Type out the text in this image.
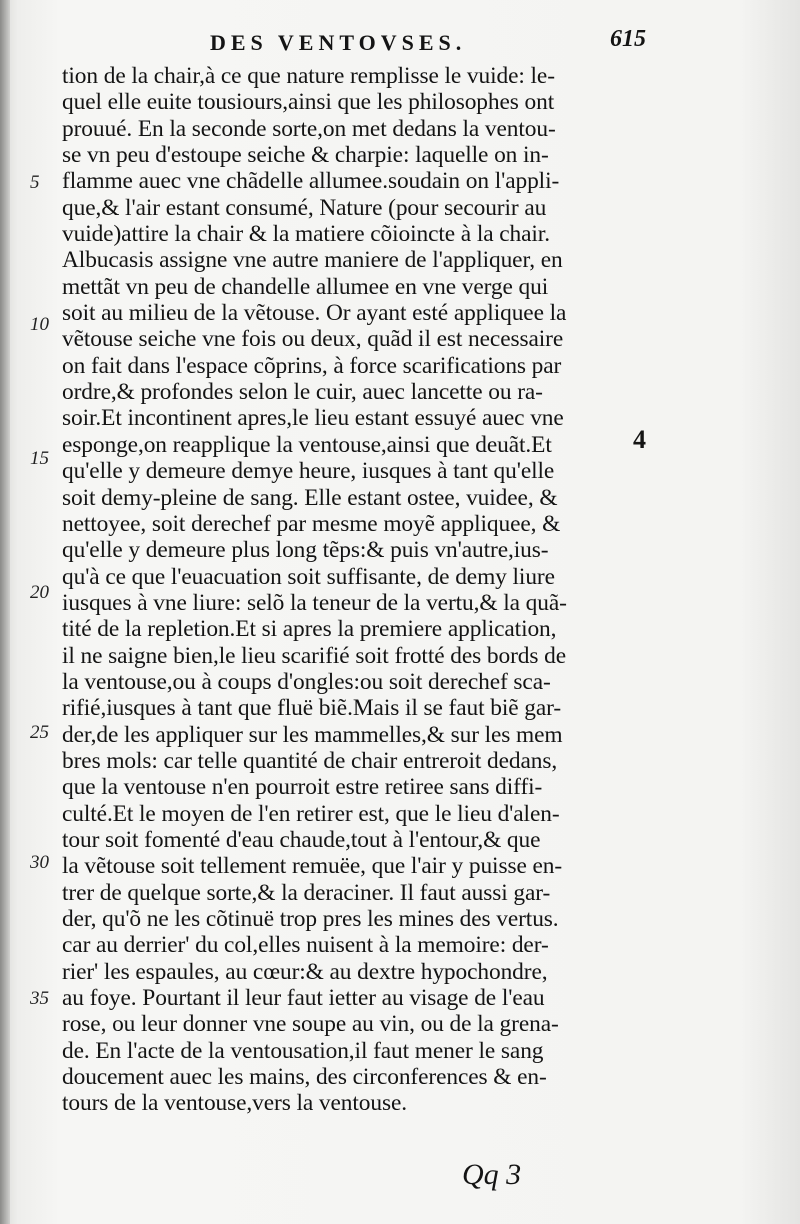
DES VENTOVSES.	615
5
10
15
20
25
30
35
tion de la chair,à ce que nature remplisse le vuide: le-
quel elle euite tousiours,ainsi que les philosophes ont
prouué. En la seconde sorte,on met dedans la ventou-
se vn peu d'estoupe seiche & charpie: laquelle on in-
flamme auec vne chãdelle allumee.soudain on l'appli-
que,& l'air estant consumé, Nature (pour secourir au
vuide)attire la chair & la matiere cõioincte à la chair.
Albucasis assigne vne autre maniere de l'appliquer, en
mettãt vn peu de chandelle allumee en vne verge qui
soit au milieu de la vẽtouse. Or ayant esté appliquee la
vẽtouse seiche vne fois ou deux, quãd il est necessaire
on fait dans l'espace cõprins, à force scarifications par
ordre,& profondes selon le cuir, auec lancette ou ra-
soir.Et incontinent apres,le lieu estant essuyé auec vne
esponge,on reapplique la ventouse,ainsi que deuãt.Et
qu'elle y demeure demye heure, iusques à tant qu'elle
soit demy-pleine de sang. Elle estant ostee, vuidee, &
nettoyee, soit derechef par mesme moyẽ appliquee, &
qu'elle y demeure plus long tẽps:& puis vn'autre,ius-
qu'à ce que l'euacuation soit suffisante, de demy liure
iusques à vne liure: selõ la teneur de la vertu,& la quã-
tité de la repletion.Et si apres la premiere application,
il ne saigne bien,le lieu scarifié soit frotté des bords de
la ventouse,ou à coups d'ongles:ou soit derechef sca-
rifié,iusques à tant que fluë biẽ.Mais il se faut biẽ gar-
der,de les appliquer sur les mammelles,& sur les mem
bres mols: car telle quantité de chair entreroit dedans,
que la ventouse n'en pourroit estre retiree sans diffi-
culté.Et le moyen de l'en retirer est, que le lieu d'alen-
tour soit fomenté d'eau chaude,tout à l'entour,& que
la vẽtouse soit tellement remuëe, que l'air y puisse en-
trer de quelque sorte,& la deraciner. Il faut aussi gar-
der, qu'õ ne les cõtinuë trop pres les mines des vertus.
car au derrier' du col,elles nuisent à la memoire: der-
rier' les espaules, au cœur:& au dextre hypochondre,
au foye. Pourtant il leur faut ietter au visage de l'eau
rose, ou leur donner vne soupe au vin, ou de la grena-
de. En l'acte de la ventousation,il faut mener le sang
doucement auec les mains, des circonferences & en-
tours de la ventouse,vers la ventouse.
4
Qq 3
